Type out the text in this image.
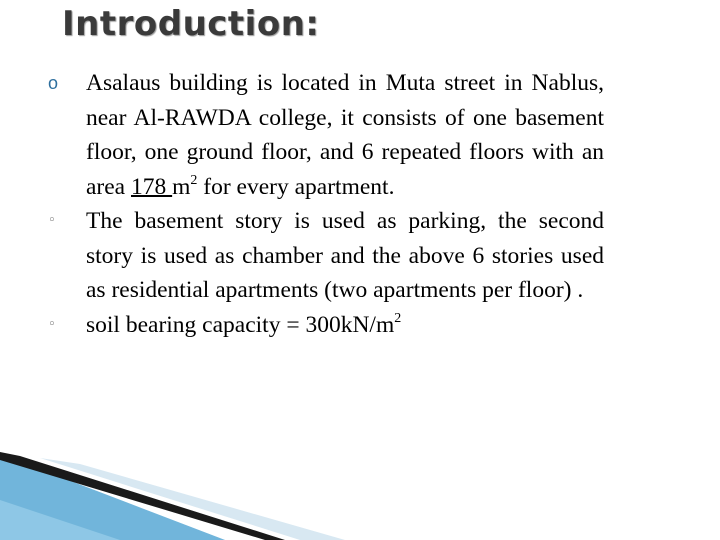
Introduction:
o	Asalaus building is located in Muta street in Nablus, near Al-RAWDA college, it consists of one basement floor, one ground floor, and 6 repeated floors with an area 178 $m^2$ for every apartment.
◦	The basement story is used as parking, the second story is used as chamber and the above 6 stories used as residential apartments (two apartments per floor) .
◦	soil bearing capacity = $300kN/m^2$
